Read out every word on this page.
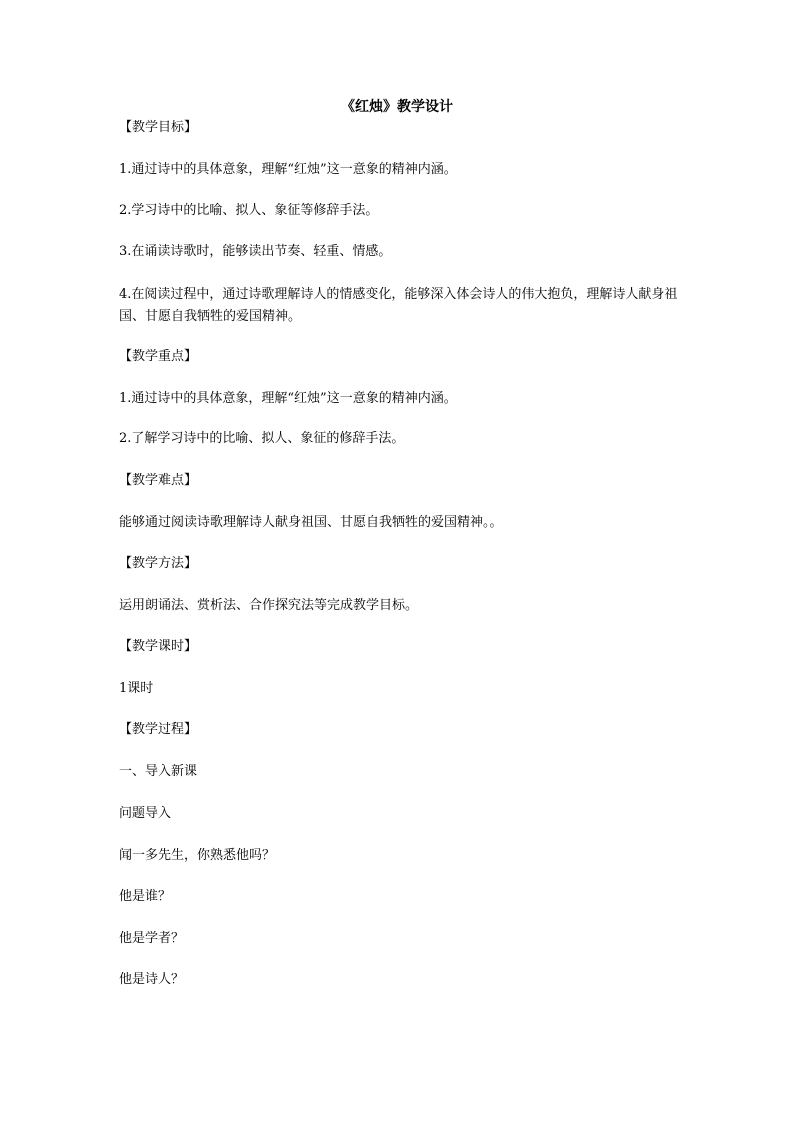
《红烛》教学设计

【教学目标】

1.通过诗中的具体意象，理解“红烛”这一意象的精神内涵。

2.学习诗中的比喻、拟人、象征等修辞手法。

3.在诵读诗歌时，能够读出节奏、轻重、情感。

4.在阅读过程中，通过诗歌理解诗人的情感变化，能够深入体会诗人的伟大抱负，理解诗人献身祖国、甘愿自我牺牲的爱国精神。

【教学重点】

1.通过诗中的具体意象，理解“红烛”这一意象的精神内涵。

2.了解学习诗中的比喻、拟人、象征的修辞手法。

【教学难点】

能够通过阅读诗歌理解诗人献身祖国、甘愿自我牺牲的爱国精神。。

【教学方法】

运用朗诵法、赏析法、合作探究法等完成教学目标。

【教学课时】

1课时

【教学过程】

一、导入新课

问题导入

闻一多先生，你熟悉他吗？

他是谁？

他是学者？

他是诗人？
